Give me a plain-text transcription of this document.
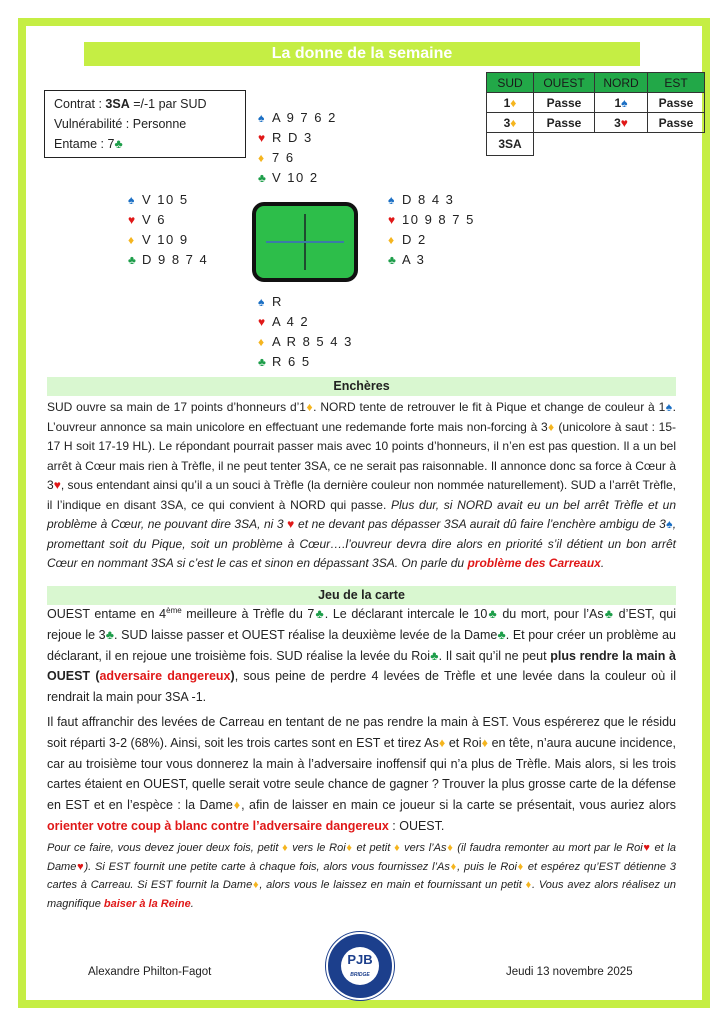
La donne de la semaine
Contrat : 3SA =/-1 par SUD
Vulnérabilité : Personne
Entame : 7♣
♠ A 9 7 6 2
♥ R D 3
♦ 7 6
♣ V 10 2
♠ V 10 5
♥ V 6
♦ V 10 9
♣ D 9 8 7 4
♠ D 8 4 3
♥ 10 9 8 7 5
♦ D 2
♣ A 3
♠ R
♥ A 4 2
♦ A R 8 5 4 3
♣ R 6 5
SUD	OUEST	NORD	EST
1♦	Passe	1♠	Passe
3♦	Passe	3♥	Passe
3SA			
Enchères
SUD ouvre sa main de 17 points d’honneurs d’1♦. NORD tente de retrouver le fit à Pique et change de couleur à 1♠. L’ouvreur annonce sa main unicolore en effectuant une redemande forte mais non-forcing à 3♦ (unicolore à saut : 15-17 H soit 17-19 HL). Le répondant pourrait passer mais avec 10 points d’honneurs, il n’en est pas question. Il a un bel arrêt à Cœur mais rien à Trèfle, il ne peut tenter 3SA, ce ne serait pas raisonnable. Il annonce donc sa force à Cœur à 3♥, sous entendant ainsi qu’il a un souci à Trèfle (la dernière couleur non nommée naturellement). SUD a l’arrêt Trèfle, il l’indique en disant 3SA, ce qui convient à NORD qui passe. Plus dur, si NORD avait eu un bel arrêt Trèfle et un problème à Cœur, ne pouvant dire 3SA, ni 3 ♥ et ne devant pas dépasser 3SA aurait dû faire l’enchère ambigu de 3♠, promettant soit du Pique, soit un problème à Cœur….l’ouvreur devra dire alors en priorité s’il détient un bon arrêt Cœur en nommant 3SA si c’est le cas et sinon en dépassant 3SA. On parle du problème des Carreaux.
Jeu de la carte
OUEST entame en 4ème meilleure à Trèfle du 7♣. Le déclarant intercale le 10♣ du mort, pour l’As♣ d’EST, qui rejoue le 3♣. SUD laisse passer et OUEST réalise la deuxième levée de la Dame♣. Et pour créer un problème au déclarant, il en rejoue une troisième fois. SUD réalise la levée du Roi♣. Il sait qu’il ne peut plus rendre la main à OUEST (adversaire dangereux), sous peine de perdre 4 levées de Trèfle et une levée dans la couleur où il rendrait la main pour 3SA -1.
Il faut affranchir des levées de Carreau en tentant de ne pas rendre la main à EST. Vous espérerez que le résidu soit réparti 3-2 (68%). Ainsi, soit les trois cartes sont en EST et tirez As♦ et Roi♦ en tête, n’aura aucune incidence, car au troisième tour vous donnerez la main à l’adversaire inoffensif qui n’a plus de Trèfle. Mais alors, si les trois cartes étaient en OUEST, quelle serait votre seule chance de gagner ? Trouver la plus grosse carte de la défense en EST et en l’espèce : la Dame♦, afin de laisser en main ce joueur si la carte se présentait, vous auriez alors orienter votre coup à blanc contre l’adversaire dangereux : OUEST.
Pour ce faire, vous devez jouer deux fois, petit ♦ vers le Roi♦ et petit ♦ vers l’As♦ (il faudra remonter au mort par le Roi♥ et la Dame♥). Si EST fournit une petite carte à chaque fois, alors vous fournissez l’As♦, puis le Roi♦ et espérez qu’EST détienne 3 cartes à Carreau. Si EST fournit la Dame♦, alors vous le laissez en main et fournissant un petit ♦. Vous avez alors réalisez un magnifique baiser à la Reine.
Alexandre Philton-Fagot
PJB
BRIDGE	Jeudi 13 novembre 2025
